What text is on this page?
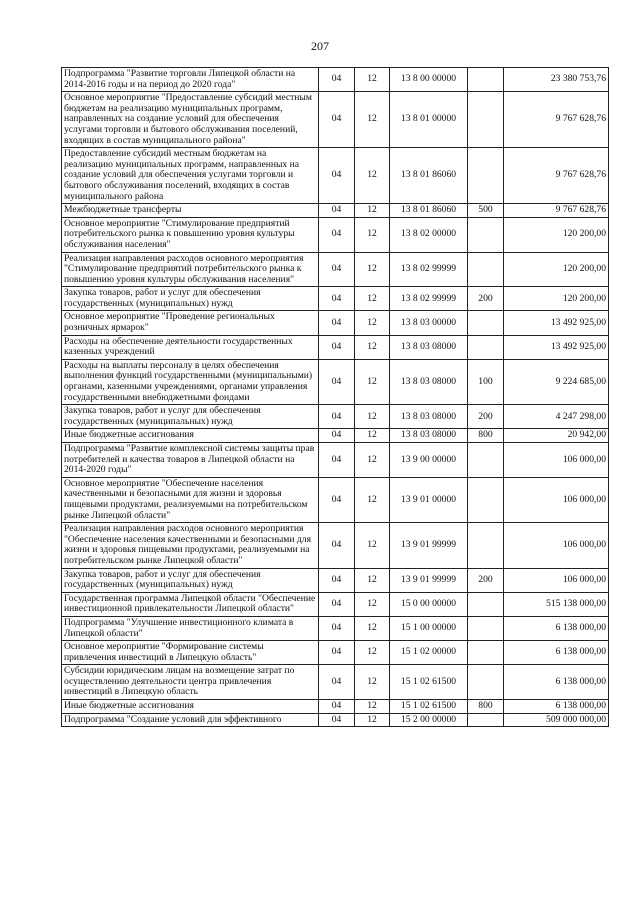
207
Подпрограмма "Развитие торговли Липецкой области на 2014-2016 годы и на период до 2020 года"	04	12	13 8 00 00000		23 380 753,76
Основное мероприятие "Предоставление субсидий местным бюджетам на реализацию муниципальных программ, направленных на создание условий для обеспечения услугами торговли и бытового обслуживания поселений, входящих в состав муниципального района"	04	12	13 8 01 00000		9 767 628,76
Предоставление субсидий местным бюджетам на реализацию муниципальных программ, направленных на создание условий для обеспечения услугами торговли и бытового обслуживания поселений, входящих в состав муниципального района	04	12	13 8 01 86060		9 767 628,76
Межбюджетные трансферты	04	12	13 8 01 86060	500	9 767 628,76
Основное мероприятие "Стимулирование предприятий потребительского рынка к повышению уровня культуры обслуживания населения"	04	12	13 8 02 00000		120 200,00
Реализация направления расходов основного мероприятия "Стимулирование предприятий потребительского рынка к повышению уровня культуры обслуживания населения"	04	12	13 8 02 99999		120 200,00
Закупка товаров, работ и услуг для обеспечения государственных (муниципальных) нужд	04	12	13 8 02 99999	200	120 200,00
Основное мероприятие "Проведение региональных розничных ярмарок"	04	12	13 8 03 00000		13 492 925,00
Расходы на обеспечение деятельности государственных казенных учреждений	04	12	13 8 03 08000		13 492 925,00
Расходы на выплаты персоналу в целях обеспечения выполнения функций государственными (муниципальными) органами, казенными учреждениями, органами управления государственными внебюджетными фондами	04	12	13 8 03 08000	100	9 224 685,00
Закупка товаров, работ и услуг для обеспечения государственных (муниципальных) нужд	04	12	13 8 03 08000	200	4 247 298,00
Иные бюджетные ассигнования	04	12	13 8 03 08000	800	20 942,00
Подпрограмма "Развитие комплексной системы защиты прав потребителей и качества товаров в Липецкой области на 2014-2020 годы"	04	12	13 9 00 00000		106 000,00
Основное мероприятие "Обеспечение населения качественными и безопасными для жизни и здоровья пищевыми продуктами, реализуемыми на потребительском рынке Липецкой области"	04	12	13 9 01 00000		106 000,00
Реализация направления расходов основного мероприятия "Обеспечение населения качественными и безопасными для жизни и здоровья пищевыми продуктами, реализуемыми на потребительском рынке Липецкой области"	04	12	13 9 01 99999		106 000,00
Закупка товаров, работ и услуг для обеспечения государственных (муниципальных) нужд	04	12	13 9 01 99999	200	106 000,00
Государственная программа Липецкой области "Обеспечение инвестиционной привлекательности Липецкой области"	04	12	15 0 00 00000		515 138 000,00
Подпрограмма "Улучшение инвестиционного климата в Липецкой области"	04	12	15 1 00 00000		6 138 000,00
Основное мероприятие "Формирование системы привлечения инвестиций в Липецкую область"	04	12	15 1 02 00000		6 138 000,00
Субсидии юридическим лицам на возмещение затрат по осуществлению деятельности центра привлечения инвестиций в Липецкую область	04	12	15 1 02 61500		6 138 000,00
Иные бюджетные ассигнования	04	12	15 1 02 61500	800	6 138 000,00
Подпрограмма "Создание условий для эффективного	04	12	15 2 00 00000		509 000 000,00
